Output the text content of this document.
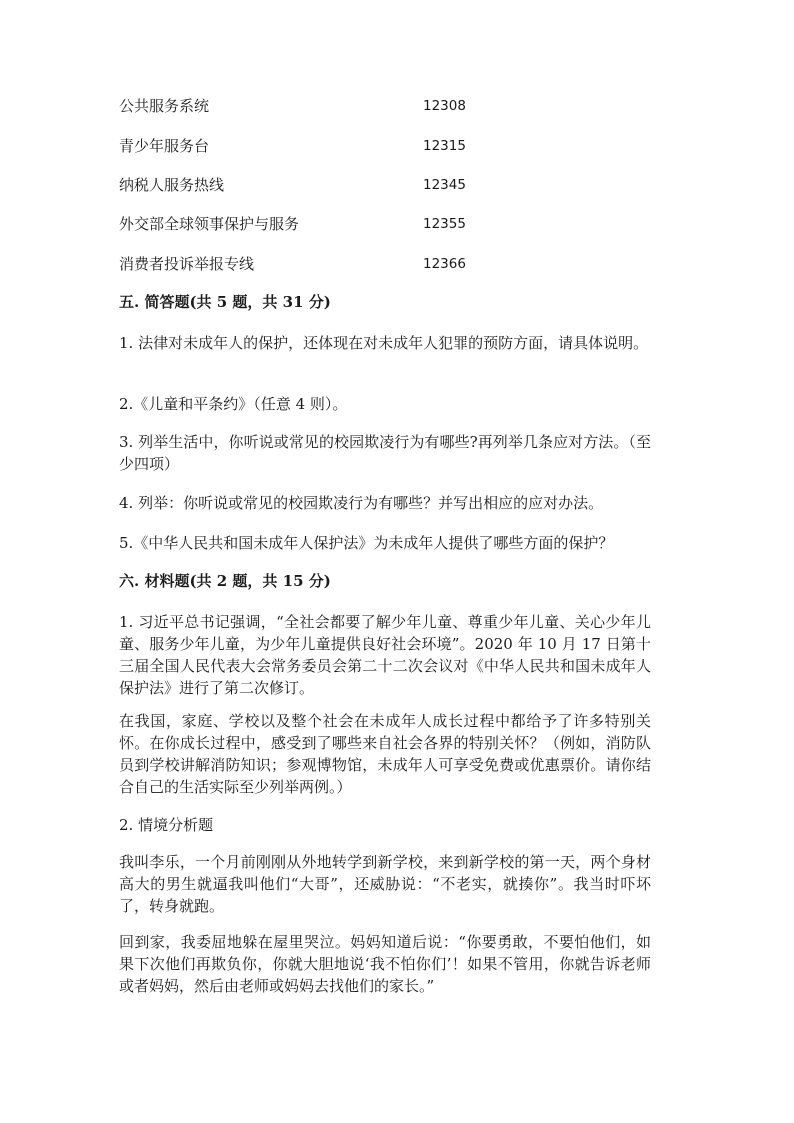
公共服务系统	12308
青少年服务台	12315
纳税人服务热线	12345
外交部全球领事保护与服务	12355
消费者投诉举报专线	12366
五. 简答题(共 5 题，共 31 分)
1. 法律对未成年人的保护，还体现在对未成年人犯罪的预防方面，请具体说明。
2.《儿童和平条约》（任意 4 则）。
3. 列举生活中，你听说或常见的校园欺凌行为有哪些?再列举几条应对方法。（至少四项）
4. 列举：你听说或常见的校园欺凌行为有哪些？并写出相应的应对办法。
5.《中华人民共和国未成年人保护法》为未成年人提供了哪些方面的保护？
六. 材料题(共 2 题，共 15 分)
1. 习近平总书记强调，“全社会都要了解少年儿童、尊重少年儿童、关心少年儿童、服务少年儿童，为少年儿童提供良好社会环境”。2020 年 10 月 17 日第十三届全国人民代表大会常务委员会第二十二次会议对《中华人民共和国未成年人保护法》进行了第二次修订。
在我国，家庭、学校以及整个社会在未成年人成长过程中都给予了许多特别关怀。在你成长过程中，感受到了哪些来自社会各界的特别关怀？（例如，消防队员到学校讲解消防知识；参观博物馆，未成年人可享受免费或优惠票价。请你结合自己的生活实际至少列举两例。）
2. 情境分析题
我叫李乐，一个月前刚刚从外地转学到新学校，来到新学校的第一天，两个身材高大的男生就逼我叫他们“大哥”，还威胁说：“不老实，就揍你”。我当时吓坏了，转身就跑。
回到家，我委屈地躲在屋里哭泣。妈妈知道后说：“你要勇敢，不要怕他们，如果下次他们再欺负你，你就大胆地说‘我不怕你们’！如果不管用，你就告诉老师或者妈妈，然后由老师或妈妈去找他们的家长。”
